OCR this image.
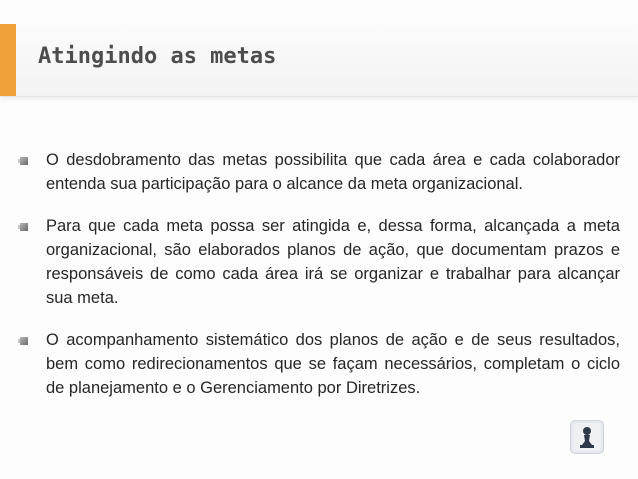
Atingindo as metas
O desdobramento das metas possibilita que cada área e cada colaborador entenda sua participação para o alcance da meta organizacional.
Para que cada meta possa ser atingida e, dessa forma, alcançada a meta organizacional, são elaborados planos de ação, que documentam prazos e responsáveis de como cada área irá se organizar e trabalhar para alcançar sua meta.
O acompanhamento sistemático dos planos de ação e de seus resultados, bem como redirecionamentos que se façam necessários, completam o ciclo de planejamento e o Gerenciamento por Diretrizes.
